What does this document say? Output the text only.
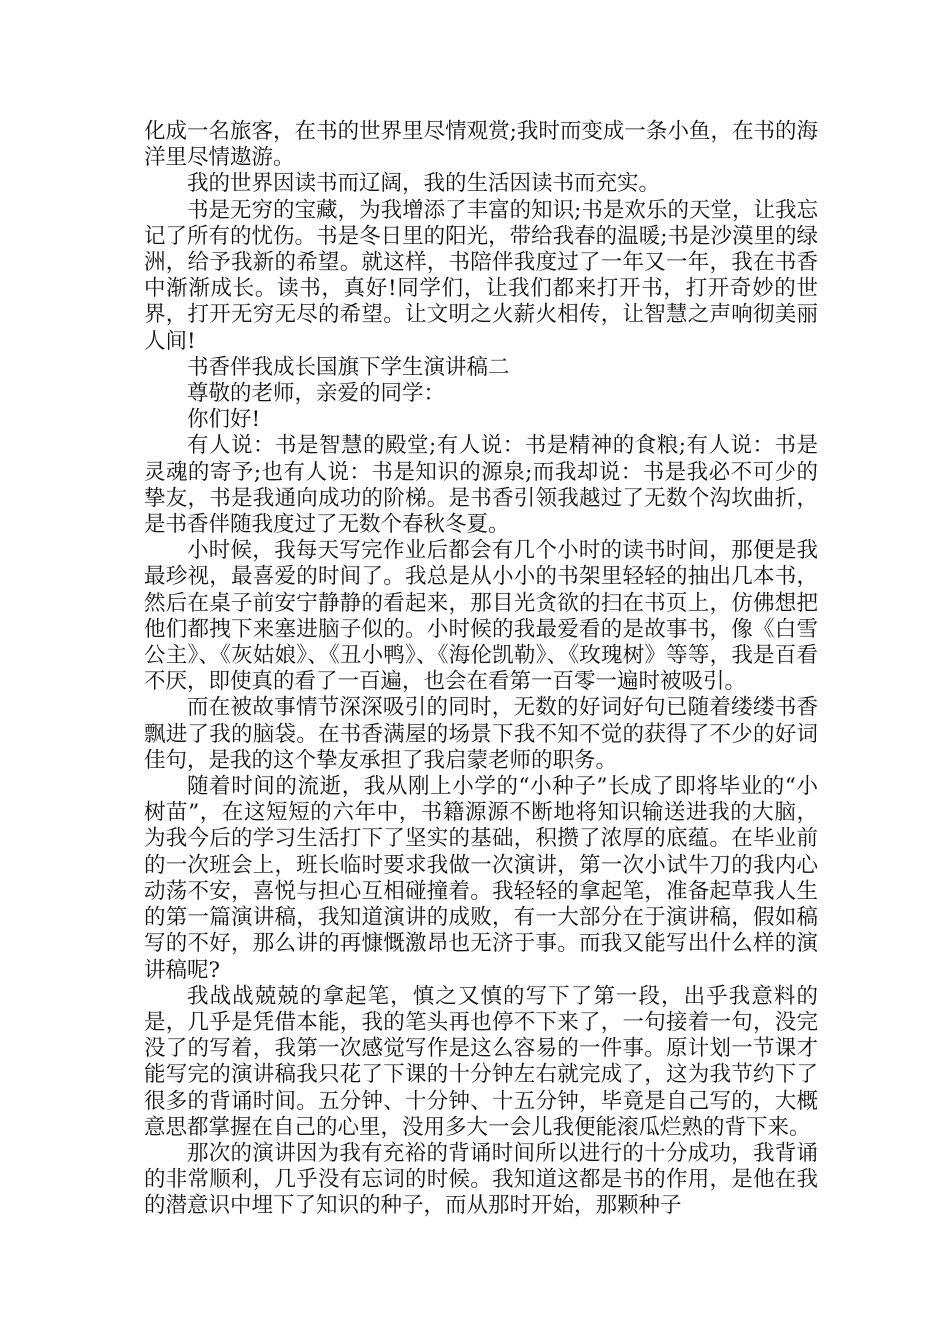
化成一名旅客，在书的世界里尽情观赏;我时而变成一条小鱼，在书的海洋里尽情遨游。

我的世界因读书而辽阔，我的生活因读书而充实。

书是无穷的宝藏，为我增添了丰富的知识;书是欢乐的天堂，让我忘记了所有的忧伤。书是冬日里的阳光，带给我春的温暖;书是沙漠里的绿洲，给予我新的希望。就这样，书陪伴我度过了一年又一年，我在书香中渐渐成长。读书，真好!同学们，让我们都来打开书，打开奇妙的世界，打开无穷无尽的希望。让文明之火薪火相传，让智慧之声响彻美丽人间!

书香伴我成长国旗下学生演讲稿二

尊敬的老师，亲爱的同学：

你们好!

有人说：书是智慧的殿堂;有人说：书是精神的食粮;有人说：书是灵魂的寄予;也有人说：书是知识的源泉;而我却说：书是我必不可少的挚友，书是我通向成功的阶梯。是书香引领我越过了无数个沟坎曲折，是书香伴随我度过了无数个春秋冬夏。

小时候，我每天写完作业后都会有几个小时的读书时间，那便是我最珍视，最喜爱的时间了。我总是从小小的书架里轻轻的抽出几本书，然后在桌子前安宁静静的看起来，那目光贪欲的扫在书页上，仿佛想把他们都拽下来塞进脑子似的。小时候的我最爱看的是故事书，像《白雪公主》、《灰姑娘》、《丑小鸭》、《海伦凯勒》、《玫瑰树》等等，我是百看不厌，即使真的看了一百遍，也会在看第一百零一遍时被吸引。

而在被故事情节深深吸引的同时，无数的好词好句已随着缕缕书香飘进了我的脑袋。在书香满屋的场景下我不知不觉的获得了不少的好词佳句，是我的这个挚友承担了我启蒙老师的职务。

随着时间的流逝，我从刚上小学的“小种子”长成了即将毕业的“小树苗”，在这短短的六年中，书籍源源不断地将知识输送进我的大脑，为我今后的学习生活打下了坚实的基础，积攒了浓厚的底蕴。在毕业前的一次班会上，班长临时要求我做一次演讲，第一次小试牛刀的我内心动荡不安，喜悦与担心互相碰撞着。我轻轻的拿起笔，准备起草我人生的第一篇演讲稿，我知道演讲的成败，有一大部分在于演讲稿，假如稿写的不好，那么讲的再慷慨激昂也无济于事。而我又能写出什么样的演讲稿呢?

我战战兢兢的拿起笔，慎之又慎的写下了第一段，出乎我意料的是，几乎是凭借本能，我的笔头再也停不下来了，一句接着一句，没完没了的写着，我第一次感觉写作是这么容易的一件事。原计划一节课才能写完的演讲稿我只花了下课的十分钟左右就完成了，这为我节约下了很多的背诵时间。五分钟、十分钟、十五分钟，毕竟是自己写的，大概意思都掌握在自己的心里，没用多大一会儿我便能滚瓜烂熟的背下来。

那次的演讲因为我有充裕的背诵时间所以进行的十分成功，我背诵的非常顺利，几乎没有忘词的时候。我知道这都是书的作用，是他在我的潜意识中埋下了知识的种子，而从那时开始，那颗种子
